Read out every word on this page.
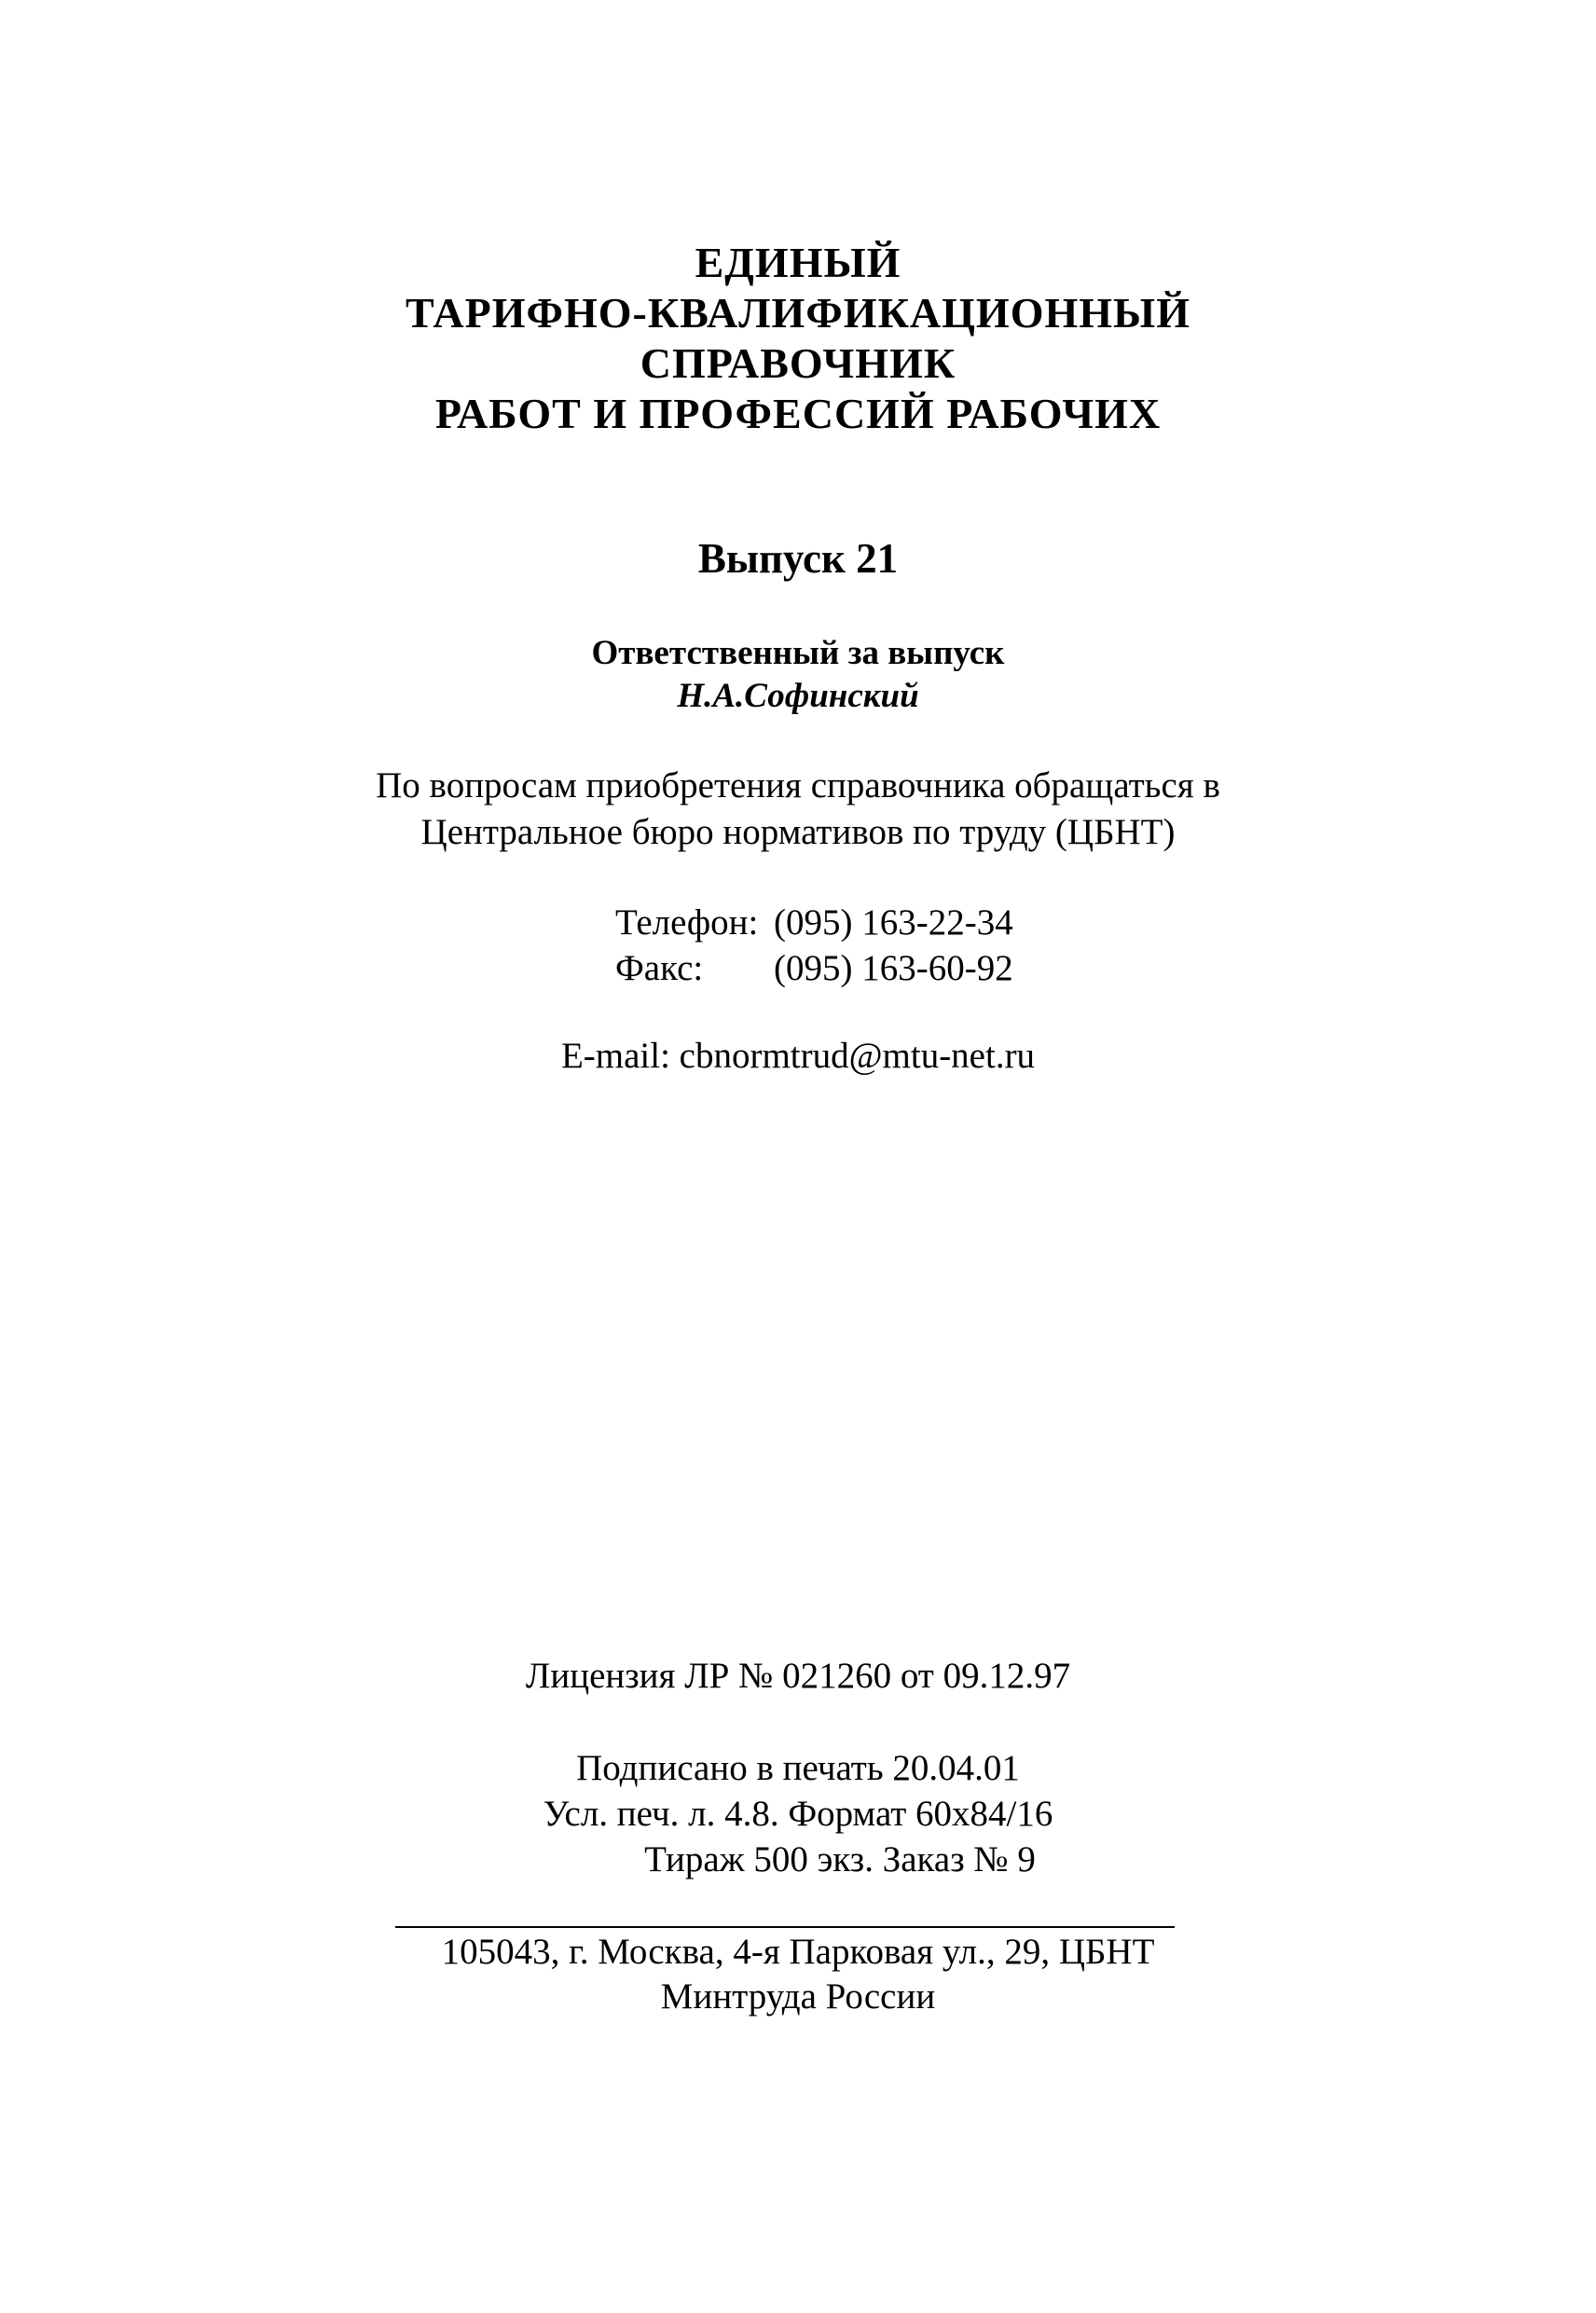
ЕДИНЫЙ
ТАРИФНО-КВАЛИФИКАЦИОННЫЙ
СПРАВОЧНИК
РАБОТ И ПРОФЕССИЙ РАБОЧИХ
Выпуск 21
Ответственный за выпуск
Н.А.Софинский
По вопросам приобретения справочника обращаться в
Центральное бюро нормативов по труду (ЦБНТ)
Телефон: (095) 163-22-34
Факс:	(095) 163-60-92
E-mail: cbnormtrud@mtu-net.ru
Лицензия ЛР № 021260 от 09.12.97
Подписано в печать 20.04.01
Усл. печ. л. 4.8. Формат 60x84/16
Тираж 500 экз. Заказ № 9
105043, г. Москва, 4-я Парковая ул., 29, ЦБНТ
Минтруда России
